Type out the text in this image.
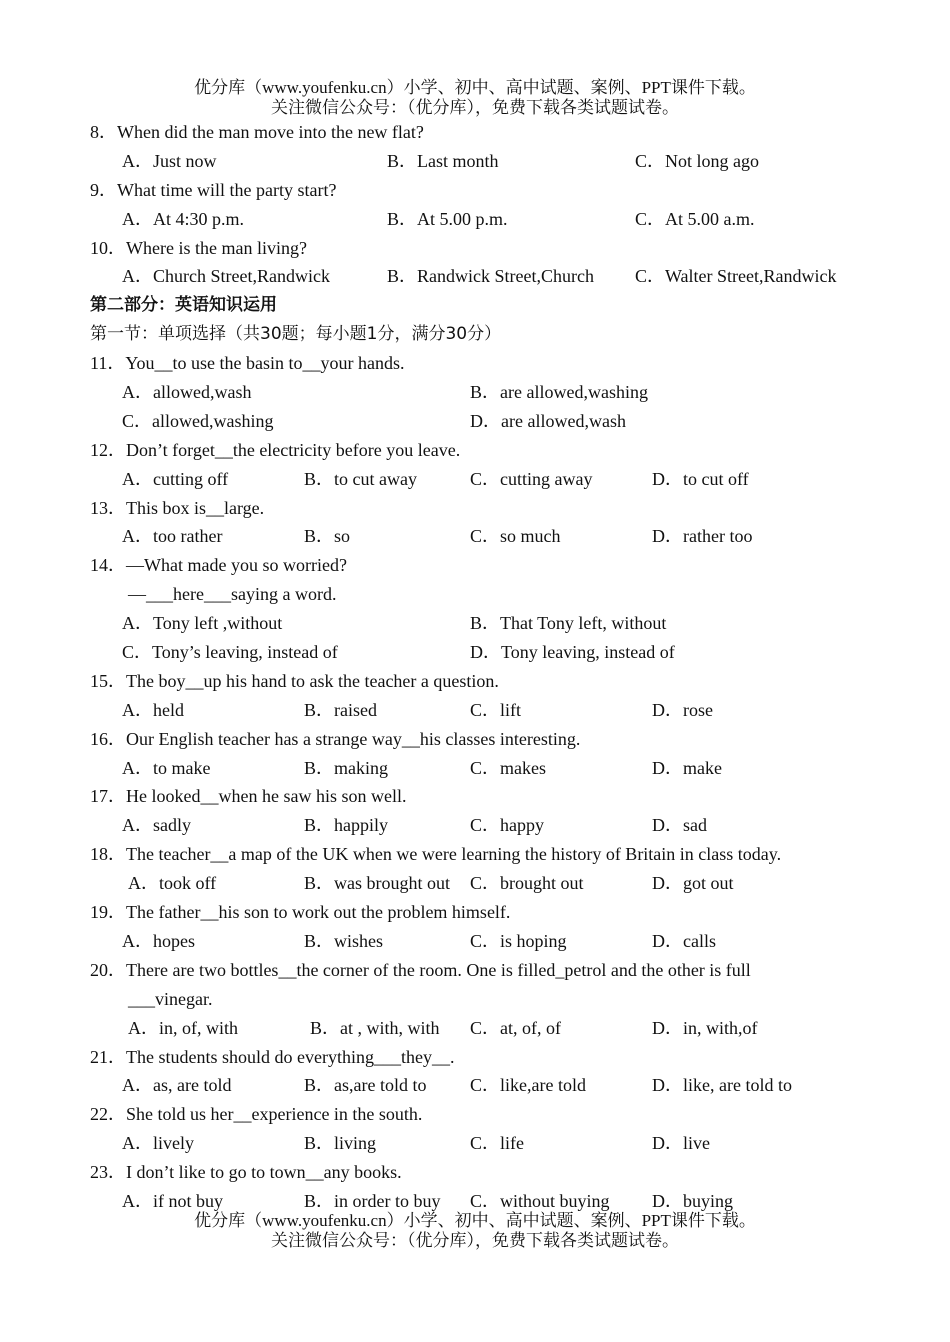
优分库（www.youfenku.cn）小学、初中、高中试题、案例、PPT课件下载。
关注微信公众号：（优分库），免费下载各类试题试卷。
8．When did the man move into the new flat?
A．Just now	B．Last month	C．Not long ago
9．What time will the party start?
A．At 4:30 p.m.	B．At 5.00 p.m.	C．At 5.00 a.m.
10．Where is the man living?
A．Church Street,Randwick	B．Randwick Street,Church C．Walter Street,Randwick
第二部分：英语知识运用
第一节：单项选择（共30题；每小题1分，满分30分）
11．You__to use the basin to__your hands.
A．allowed,wash	B．are allowed,washing
C．allowed,washing	D．are allowed,wash
12．Don’t forget__the electricity before you leave.
A．cutting off	B．to cut away	C．cutting away	D．to cut off
13．This box is__large.
A．too rather	B．so	C．so much	D．rather too
14．—What made you so worried?
—___here___saying a word.
A．Tony left ,without	B．That Tony left, without
C．Tony’s leaving, instead of	D．Tony leaving, instead of
15．The boy__up his hand to ask the teacher a question.
A．held	B．raised	C．lift	D．rose
16．Our English teacher has a strange way__his classes interesting.
A．to make	B．making	C．makes	D．make
17．He looked__when he saw his son well.
A．sadly	B．happily	C．happy	D．sad
18．The teacher__a map of the UK when we were learning the history of Britain in class today.
A．took off	B．was brought out C．brought out	D．got out
19．The father__his son to work out the problem himself.
A．hopes	B．wishes	C．is hoping	D．calls
20．There are two bottles__the corner of the room. One is filled_petrol and the other is full
___vinegar.
A．in, of, with	B．at , with, with C．at, of, of	D．in, with,of
21．The students should do everything___they__.
A．as, are told	B．as,are told to C．like,are told	D．like, are told to
22．She told us her__experience in the south.
A．lively	B．living	C．life	D．live
23．I don’t like to go to town__any books.
A．if not buy	B．in order to buy C．without buying D．buying
优分库（www.youfenku.cn）小学、初中、高中试题、案例、PPT课件下载。
关注微信公众号：（优分库），免费下载各类试题试卷。
